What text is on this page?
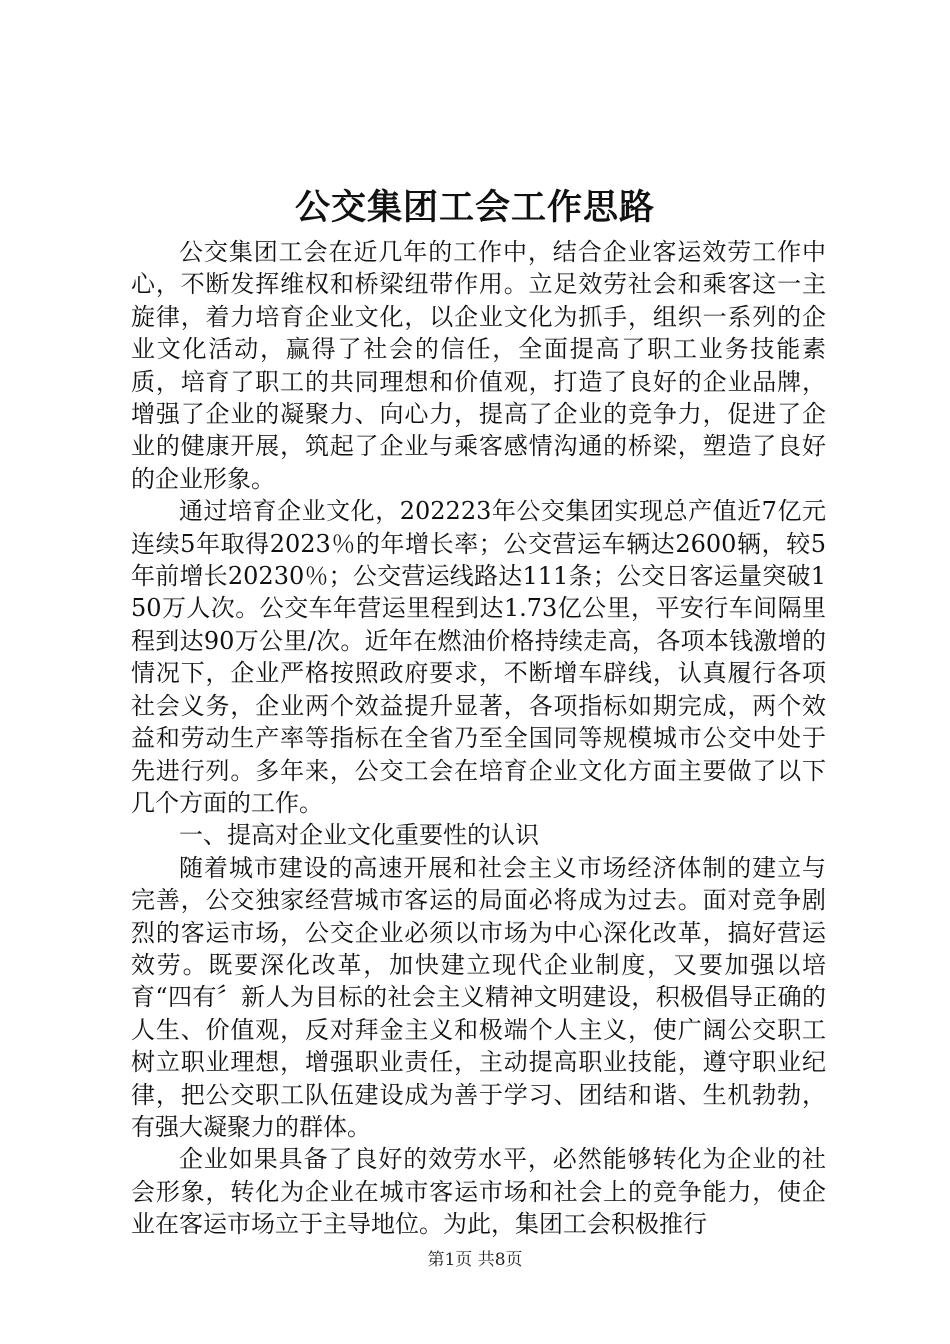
公交集团工会工作思路

公交集团工会在近几年的工作中，结合企业客运效劳工作中心，不断发挥维权和桥梁纽带作用。立足效劳社会和乘客这一主旋律，着力培育企业文化，以企业文化为抓手，组织一系列的企业文化活动，赢得了社会的信任，全面提高了职工业务技能素质，培育了职工的共同理想和价值观，打造了良好的企业品牌，增强了企业的凝聚力、向心力，提高了企业的竞争力，促进了企业的健康开展，筑起了企业与乘客感情沟通的桥梁，塑造了良好的企业形象。

通过培育企业文化，202223年公交集团实现总产值近7亿元连续5年取得2023％的年增长率；公交营运车辆达2600辆，较5年前增长20230％；公交营运线路达111条；公交日客运量突破150万人次。公交车年营运里程到达1.73亿公里，平安行车间隔里程到达90万公里/次。近年在燃油价格持续走高，各项本钱激增的情况下，企业严格按照政府要求，不断增车辟线，认真履行各项社会义务，企业两个效益提升显著，各项指标如期完成，两个效益和劳动生产率等指标在全省乃至全国同等规模城市公交中处于先进行列。多年来，公交工会在培育企业文化方面主要做了以下几个方面的工作。

一、提高对企业文化重要性的认识

随着城市建设的高速开展和社会主义市场经济体制的建立与完善，公交独家经营城市客运的局面必将成为过去。面对竞争剧烈的客运市场，公交企业必须以市场为中心深化改革，搞好营运效劳。既要深化改革，加快建立现代企业制度，又要加强以培育“四有〞新人为目标的社会主义精神文明建设，积极倡导正确的人生、价值观，反对拜金主义和极端个人主义，使广阔公交职工树立职业理想，增强职业责任，主动提高职业技能，遵守职业纪律，把公交职工队伍建设成为善于学习、团结和谐、生机勃勃，有强大凝聚力的群体。

企业如果具备了良好的效劳水平，必然能够转化为企业的社会形象，转化为企业在城市客运市场和社会上的竞争能力，使企业在客运市场立于主导地位。为此，集团工会积极推行

第1页 共8页
